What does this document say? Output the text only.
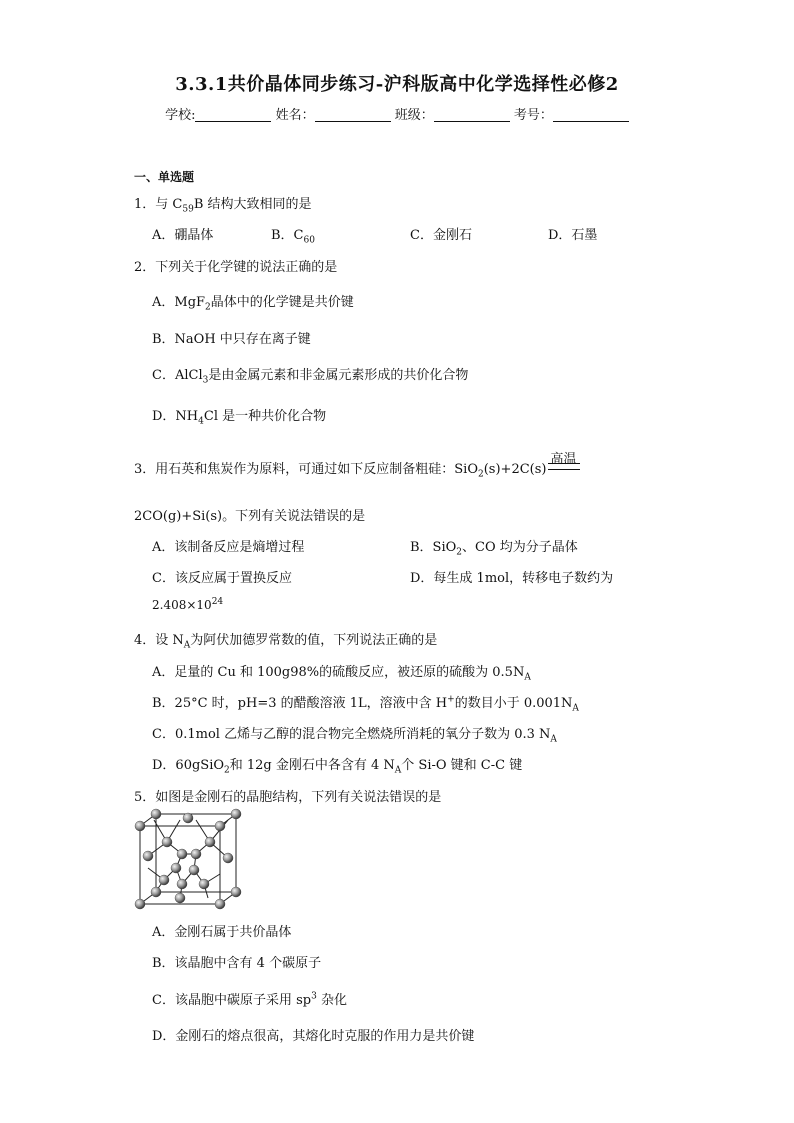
3.3.1共价晶体同步练习-沪科版高中化学选择性必修2
学校:	姓名：	班级：	考号：
一、单选题
1．与 $C_{59}B$ 结构大致相同的是
A．硼晶体	B．$C_{60}$	C．金刚石	D．石墨
2．下列关于化学键的说法正确的是
A．MgF$_2$晶体中的化学键是共价键
B．NaOH 中只存在离子键
C．AlCl$_3$是由金属元素和非金属元素形成的共价化合物
D．$NH_4Cl$ 是一种共价化合物
3．用石英和焦炭作为原料，可通过如下反应制备粗硅：SiO$_2$(s)+2C(s)
高温
2CO(g)+Si(s)。下列有关说法错误的是
A．该制备反应是熵增过程	B．SiO$_2$、CO 均为分子晶体
C．该反应属于置换反应	D．每生成 1mol，转移电子数约为
$2.408\times 10^{24}$
4．设 $N_A$为阿伏加德罗常数的值，下列说法正确的是
A．足量的 Cu 和 100g98%的硫酸反应，被还原的硫酸为 $0.5N_A$
B．25°C 时，pH=3 的醋酸溶液 1L，溶液中含 H+的数目小于 $0.001N_A$
C．0.1mol 乙烯与乙醇的混合物完全燃烧所消耗的氧分子数为 0.3 $N_A$
D．60gSiO$_2$和 12g 金刚石中各含有 4 $N_A$个 Si-O 键和 C-C 键
5．如图是金刚石的晶胞结构，下列有关说法错误的是
A．金刚石属于共价晶体
B．该晶胞中含有 4 个碳原子
C．该晶胞中碳原子采用 $sp^3$ 杂化
D．金刚石的熔点很高，其熔化时克服的作用力是共价键
